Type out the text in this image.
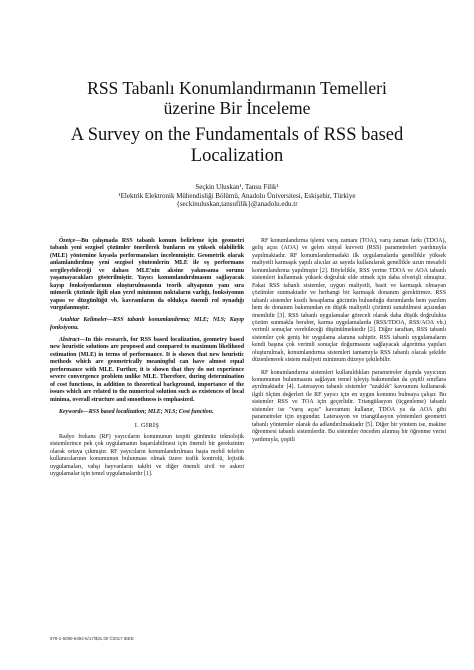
RSS Tabanlı Konumlandırmanın Temelleri
üzerine Bir İnceleme
A Survey on the Fundamentals of RSS based
Localization
Seçkin Uluskan¹, Tansu Filik¹
¹Elektrik Elektronik Mühendisliği Bölümü, Anadolu Üniversitesi, Eskişehir, Türkiye
{seckinuluskan,tansufilik}@anadolu.edu.tr

Özetçe—Bu çalışmada RSS tabanlı konum belirleme için geometri tabanlı yeni sezgisel çözümler önerilerek bunların en yüksek olabilirlik (MLE) yöntemine kıyasla performansları incelenmiştir. Geometrik olarak anlamlandırılmış yeni sezgisel yöntemlerin MLE ile eş performans sergileyebileceği ve dahası MLE'nin aksine yakınsama sorunu yaşamayacakları gösterilmiştir. Yayıcı konumlandırılmasını sağlayacak kayıp fonksiyonlarının oluşturulmasında teorik altyapının yanı sıra nümerik çözümle ilgili olan yerel minimum noktaların varlığı, fonksiyonun yapısı ve düzgünlüğü vb. kavramların da oldukça önemli rol oynadığı vurgulanmıştır.

Anahtar Kelimeler—RSS tabanlı konumlandırma; MLE; NLS; Kayıp fonksiyonu.

Abstract—In this research, for RSS based localization, geometry based new heuristic solutions are proposed and compared to maximum likelihood estimation (MLE) in terms of performance. It is shown that new heuristic methods which are geometrically meaningful can have almost equal performance with MLE. Further, it is shown that they do not experience severe convergence problem unlike MLE. Therefore, during determination of cost functions, in addition to theoretical background, importance of the issues which are related to the numerical solution such as existences of local minima, overall structure and smoothness is emphasized.

Keywords—RSS based localization; MLE; NLS; Cost function.

I. GİRİŞ

Radyo frekans (RF) yayıcıların konumunun tespiti günümüz teknolojik sistemlerince pek çok uygulamanın başarılabilmesi için önemli bir gereksinim olarak ortaya çıkmıştır. RF yayıcıların konumlandırılması başta mobil telefon kullanıcılarının konumunun bulunması olmak üzere trafik kontrolü, lojistik uygulamaları, vahşi hayvanların takibi ve diğer önemli sivil ve askeri uygulamalar için temel uygulamalardır [1].

RF konumlandırma işlemi varış zamanı (TOA), varış zaman farkı (TDOA), geliş açısı (AOA) ve gelen sinyal kuvveti (RSS) parametreleri yardımıyla yapılmaktadır. RF konumlandırmadaki ilk uygulamalarda genellikle yüksek maliyetli karmaşık yapılı alıcılar az sayıda kullanılarak genellikle uzun mesafeli konumlandırma yapılmıştır [2]. Böylelikle, RSS yerine TDOA ve AOA tabanlı sistemleri kullanmak yüksek doğruluk elde etmek için daha elverişli olmuştur. Fakat RSS tabanlı sistemler, uygun maliyetli, basit ve karmaşık olmayan çözümler sunmaktadır ve herhangi bir karmaşık donanım gerektirmez. RSS tabanlı sistemler kısıtlı hesaplama gücünün bulunduğu durumlarda hem yazılım hem de donanım bakımından en düşük maliyetli çözümü sunabilmesi açısından önemlidir [3]. RSS tabanlı uygulamalar göreceli olarak daha düşük doğrulukta çözüm sunmakla beraber, karma uygulamalarda (RSS/TDOA, RSS/AOA vb.) verimli sonuçlar verebileceği düşünülmektedir [2]. Diğer taraftan, RSS tabanlı sistemler çok geniş bir uygulama alanına sahiptir. RSS tabanlı uygulamaların kendi başına çok verimli sonuçlar doğurmasını sağlayacak algoritma yapıları oluşturulmalı, konumlandırma sistemleri tamamıyla RSS tabanlı olacak şekilde düzenlenerek sistem maliyeti minimum düzeye çekilebilir.

RF konumlandırma sistemleri kullanıldıkları parametreler dışında yayıcının konumunun bulunmasını sağlayan temel işleyiş bakımından da çeşitli sınıflara ayrılmaktadır [4]. Laterasyon tabanlı sistemler "uzaklık" kavramını kullanarak ilgili ölçüm değerleri ile RF yayıcı için en uygun konumu bulmaya çalışır. Bu sistemler RSS ve TOA için geçerlidir. Triangülasyon (üçgenleme) tabanlı sistemler ise "varış açısı" kavramını kullanır, TDOA ya da AOA gibi parametreler için uygundur. Laterasyon ve triangülasyon yöntemleri geometri tabanlı yöntemler olarak da adlandırılmaktadır [5]. Diğer bir yöntem ise, makine öğrenmesi tabanlı sistemlerdir. Bu sistemler önceden alınmış bir öğrenme verisi yardımıyla, çeşitli

978-1-5090-6494-6/17/$31.00 ©2017 IEEE
